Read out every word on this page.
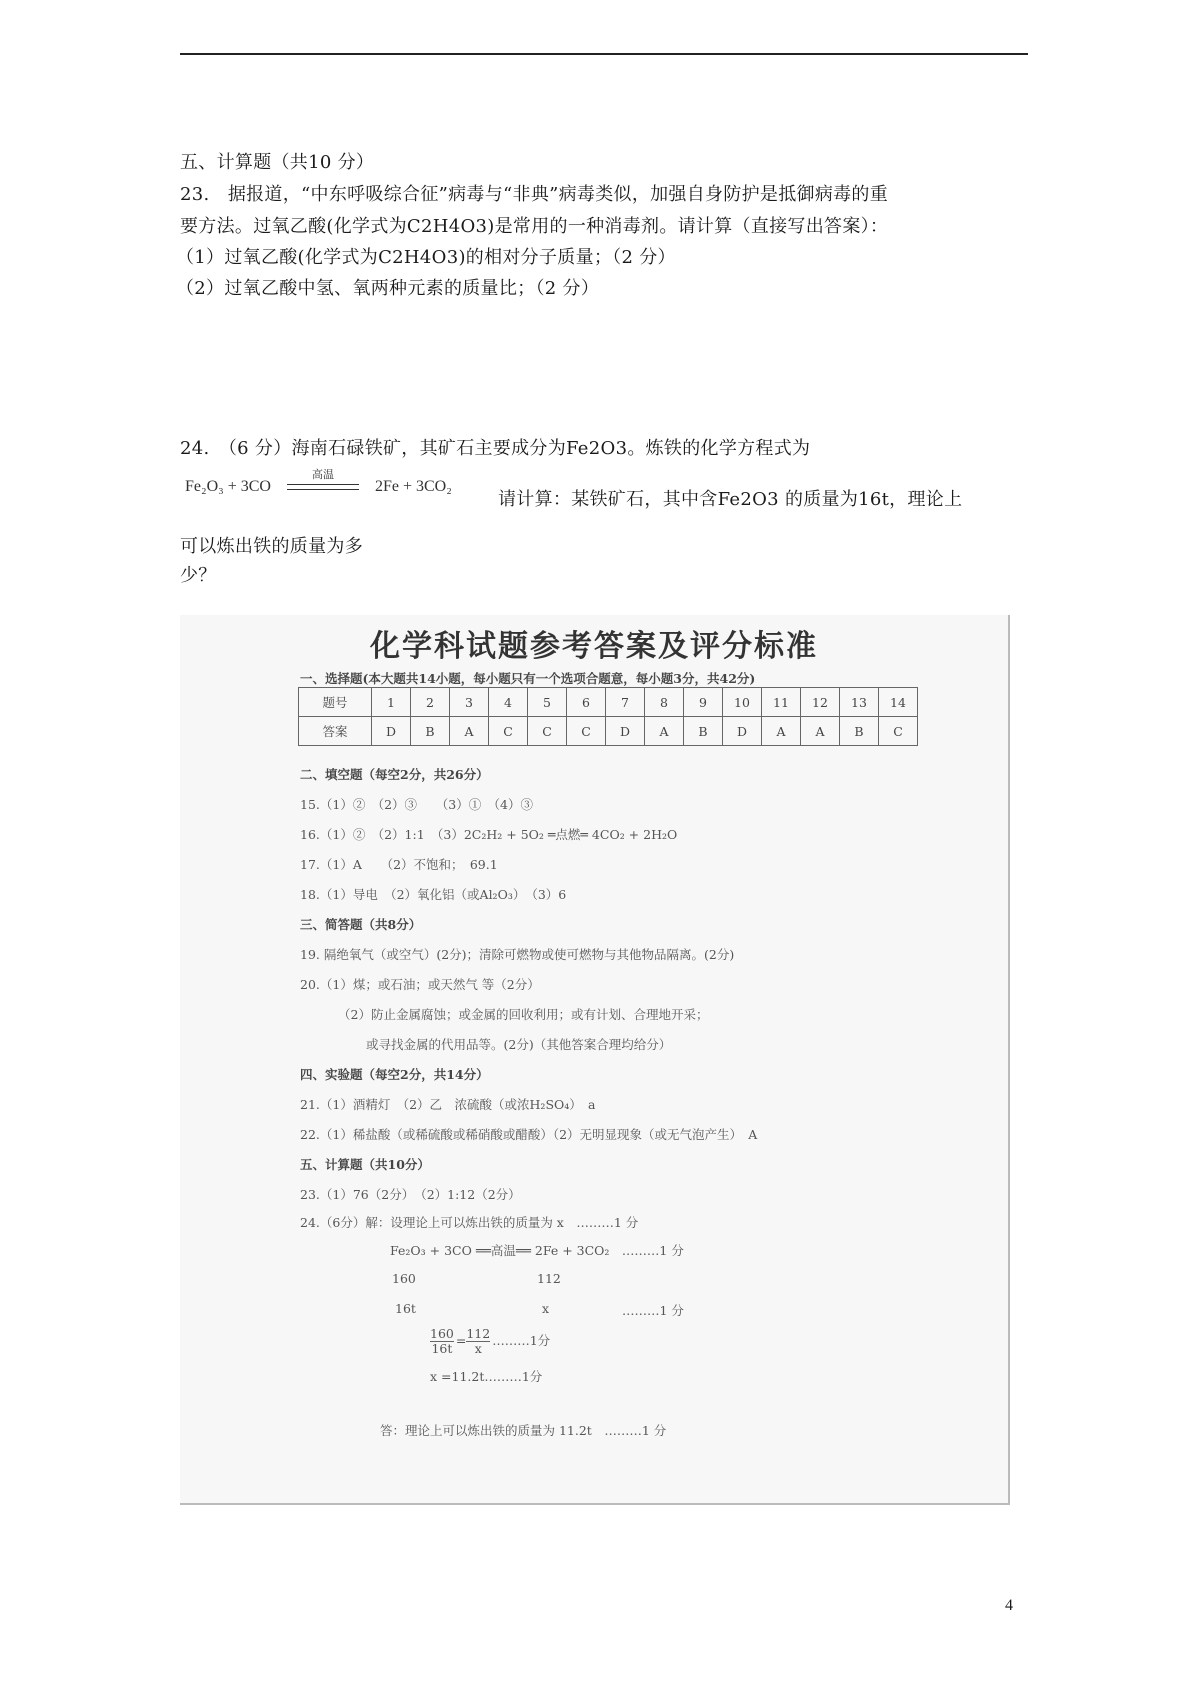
五、计算题（共10 分）
23.　据报道，“中东呼吸综合征”病毒与“非典”病毒类似，加强自身防护是抵御病毒的重
要方法。过氧乙酸(化学式为C2H4O3)是常用的一种消毒剂。请计算（直接写出答案）：
（1）过氧乙酸(化学式为C2H4O3)的相对分子质量；（2 分）
（2）过氧乙酸中氢、氧两种元素的质量比；（2 分）
24.　（6 分）海南石碌铁矿，其矿石主要成分为Fe2O3。炼铁的化学方程式为
Fe₂O₃ + 3CO
高温
2Fe + 3CO₂
请计算：某铁矿石，其中含Fe2O3 的质量为16t，理论上
可以炼出铁的质量为多
少？
化学科试题参考答案及评分标准
一、选择题(本大题共14小题，每小题只有一个选项合题意，每小题3分，共42分)
题号	1	2	3	4	5	6	7	8	9	10	11	12	13	14
答案	D	B	A	C	C	C	D	A	B	D	A	A	B	C
二、填空题（每空2分，共26分）
15.（1）②　（2）③　　（3）①　（4）③
16.（1）②　（2）1:1　（3）2C₂H₂ + 5O₂ ═点燃═ 4CO₂ + 2H₂O
17.（1）A　　（2）不饱和；　69.1
18.（1）导电　（2）氧化铝（或Al₂O₃）　（3）6
三、简答题（共8分）
19. 隔绝氧气（或空气）(2分)；清除可燃物或使可燃物与其他物品隔离。(2分)
20.（1）煤；或石油；或天然气 等（2分）
（2）防止金属腐蚀；或金属的回收利用；或有计划、合理地开采；
或寻找金属的代用品等。(2分)（其他答案合理均给分）
四、实验题（每空2分，共14分）
21.（1）酒精灯　（2）乙　浓硫酸（或浓H₂SO₄）　a
22.（1）稀盐酸（或稀硫酸或稀硝酸或醋酸）（2）无明显现象（或无气泡产生）　A
五、计算题（共10分）
23.（1）76（2分）　（2）1:12（2分）
24.（6分）解：设理论上可以炼出铁的质量为 x　………1 分
Fe₂O₃ + 3CO ══高温══ 2Fe + 3CO₂　………1 分
160	112
16t	x	………1 分
$\frac{160}{16t} = \frac{112}{x}$ ………1分
x =11.2t………1分
答：理论上可以炼出铁的质量为 11.2t　………1 分
4
